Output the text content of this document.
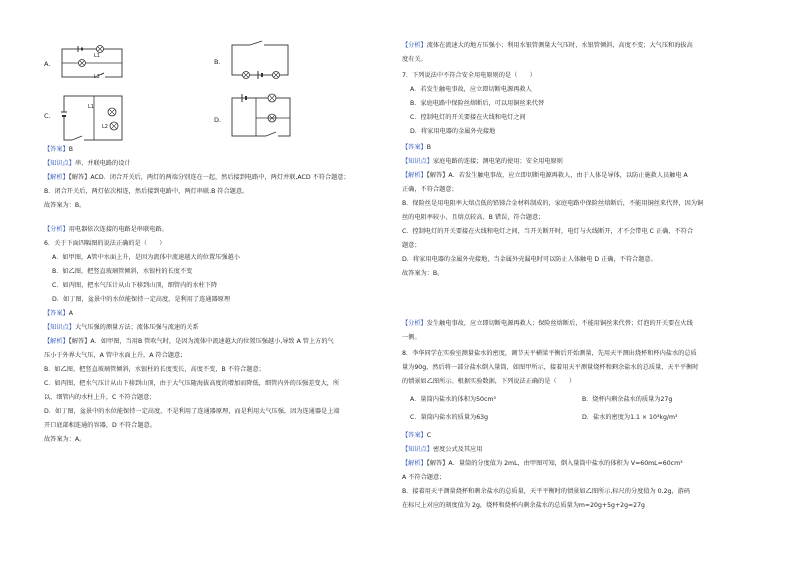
A.
L1
L2
B.
C.
L1
L2
D.
【答案】B
【知识点】串、并联电路的设计
【解析】【解答】ACD．闭合开关后，两灯的两端分别连在一起，然后接到电路中，两灯并联,ACD 不符合题意；
B．闭合开关后，两灯依次相连，然后接到电路中，两灯串联.B 符合题意。
故答案为：B。
【分析】用电器依次连接的电路是串联电路。
6．关于下面四幅图的说法正确的是（　　）
A．如甲图，A管中水面上升，是因为流体中流速越大的位置压强越小
B．如乙图，把竖直玻璃管倾斜，水银柱的长度不变
C．如丙图，把水气压计从山下移到山顶，细管内的水柱下降
D．如丁图，盆景中的水位能保持一定高度，是利用了连通器原理
【答案】A
【知识点】大气压强的测量方法；流体压强与流速的关系
【解析】【解答】A．如甲图，当用B 管吹气时，是因为流体中流速越大的位置压强越小,导致 A 管上方的气
压小于外界大气压，A 管中水面上升，A 符合题意；
B．如乙图，把竖直玻璃管倾斜，水银柱的长度变长，高度不变，B 不符合题意；
C．如丙图，把水气压计从山下移到山顶，由于大气压随海拔高度的增加而降低，细管内外的压强差变大，所
以，细管内的水柱上升，C 不符合题意；
D．如丁图，盆景中的水位能保持一定高度，不是利用了连通器原理，而是利用大气压强，因为连通器是上端
开口底部相连通的容器，D 不符合题意。
故答案为：A。
【分析】流体在流速大的地方压强小；利用水银管测量大气压时，水银管倾斜，高度不变；大气压和海拔高
度有关。
7．下列说法中不符合安全用电原则的是（　　）
A．若发生触电事故，应立即切断电源再救人
B．家庭电路中保险丝熔断后，可以用铜丝来代替
C．控制电灯的开关要接在火线和电灯之间
D．将家用电器的金属外壳接地
【答案】B
【知识点】家庭电路的连接；测电笔的使用；安全用电原则
【解析】【解答】A．若发生触电事故，应立即切断电源再救人，由于人体是导体，以防止施救人员触电 A
正确，不符合题意；
B．保险丝是用电阻率大熔点低的铅锑合金材料制成的，家庭电路中保险丝熔断后，不能用铜丝来代替，因为铜
丝的电阻率较小，且熔点较高，B 错误，符合题意；
C．控制电灯的开关要接在火线和电灯之间，当开关断开时，电灯与火线断开，才不会带电 C 正确，不符合
题意；
D．将家用电器的金属外壳接地，当金属外壳漏电时可以防止人体触电 D 正确，不符合题意。
故答案为：B。
【分析】发生触电事故，应立即切断电源再救人；保险丝熔断后，不能用铜丝来代替；灯泡的开关要在火线
一侧。
8．李华同学在实验室测量盐水的密度，调节天平横梁平衡后开始测量，先用天平测出烧杯和杯内盐水的总质
量为90g，然后将一部分盐水倒入量筒，如图甲所示，接着用天平测量烧杯和剩余盐水的总质量，天平平衡时
的情景如乙图所示。根据实验数据，下列说法正确的是（　　）
A．量筒内盐水的体积为50cm³	B．烧杯内剩余盐水的质量为27g
C．量筒内盐水的质量为63g	D．盐水的密度为1.1 × 10³kg/m³
【答案】C
【知识点】密度公式及其应用
【解析】【解答】A．量筒的分度值为 2mL，由甲图可知，倒入量筒中盐水的体积为 V=60mL=60cm³
A 不符合题意；
B．接着用天平测量烧杯和剩余盐水的总质量，天平平衡时的情景如乙图所示,标尺的分度值为 0.2g，游码
在标尺上对应的刻度值为 2g，烧杯和烧杯内剩余盐水的总质量为m=20g+5g+2g=27g
